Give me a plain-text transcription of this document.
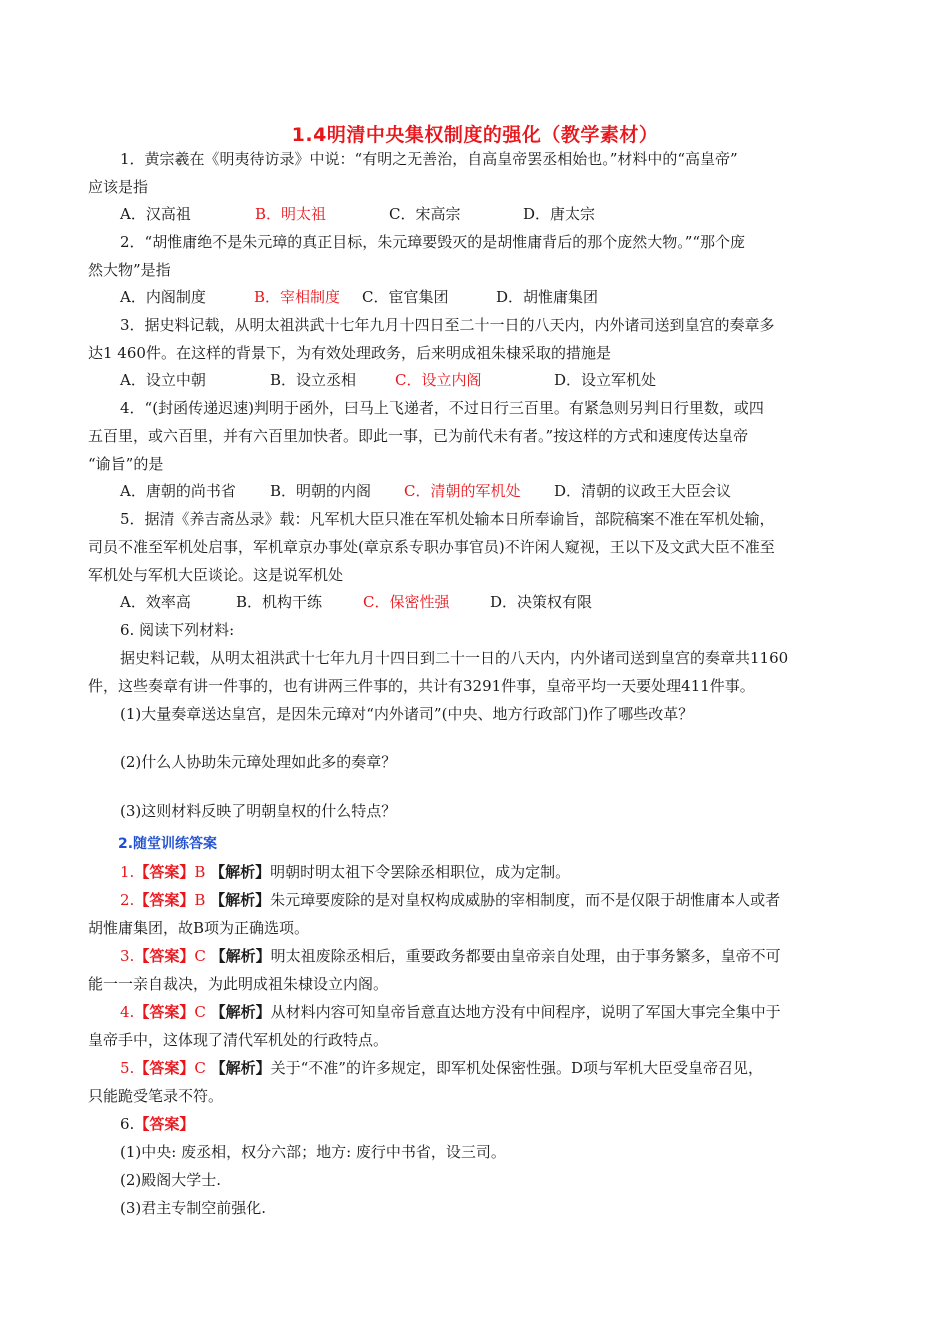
1.4明清中央集权制度的强化（教学素材）
1．黄宗羲在《明夷待访录》中说：“有明之无善治，自高皇帝罢丞相始也。”材料中的“高皇帝”
应该是指
A．汉高祖	B．明太祖	C．宋高宗	D．唐太宗
2．“胡惟庸绝不是朱元璋的真正目标，朱元璋要毁灭的是胡惟庸背后的那个庞然大物。”“那个庞
然大物”是指
A．内阁制度	B．宰相制度 C．宦官集团	D．胡惟庸集团
3．据史料记载，从明太祖洪武十七年九月十四日至二十一日的八天内，内外诸司送到皇宫的奏章多
达1 460件。在这样的背景下，为有效处理政务，后来明成祖朱棣采取的措施是
A．设立中朝	B．设立丞相	C．设立内阁	D．设立军机处
4．“(封函传递迟速)判明于函外，曰马上飞递者，不过日行三百里。有紧急则另判日行里数，或四
五百里，或六百里，并有六百里加快者。即此一事，已为前代未有者。”按这样的方式和速度传达皇帝
“谕旨”的是
A．唐朝的尚书省 B．明朝的内阁 C．清朝的军机处 D．清朝的议政王大臣会议
5．据清《养吉斋丛录》载：凡军机大臣只准在军机处输本日所奉谕旨，部院稿案不准在军机处输，
司员不准至军机处启事，军机章京办事处(章京系专职办事官员)不许闲人窥视，王以下及文武大臣不准至
军机处与军机大臣谈论。这是说军机处
A．效率高	B．机构干练	C．保密性强	D．决策权有限
6. 阅读下列材料:
据史料记载，从明太祖洪武十七年九月十四日到二十一日的八天内，内外诸司送到皇宫的奏章共1160
件，这些奏章有讲一件事的，也有讲两三件事的，共计有3291件事，皇帝平均一天要处理411件事。
(1)大量奏章送达皇宫，是因朱元璋对“内外诸司”(中央、地方行政部门)作了哪些改革？
(2)什么人协助朱元璋处理如此多的奏章？
(3)这则材料反映了明朝皇权的什么特点？
2.随堂训练答案
1.【答案】B 【解析】明朝时明太祖下令罢除丞相职位，成为定制。
2.【答案】B 【解析】朱元璋要废除的是对皇权构成威胁的宰相制度，而不是仅限于胡惟庸本人或者
胡惟庸集团，故B项为正确选项。
3.【答案】C 【解析】明太祖废除丞相后，重要政务都要由皇帝亲自处理，由于事务繁多，皇帝不可
能一一亲自裁决，为此明成祖朱棣设立内阁。
4.【答案】C 【解析】从材料内容可知皇帝旨意直达地方没有中间程序，说明了军国大事完全集中于
皇帝手中，这体现了清代军机处的行政特点。
5.【答案】C 【解析】关于“不准”的许多规定，即军机处保密性强。D项与军机大臣受皇帝召见，
只能跪受笔录不符。
6.【答案】
(1)中央: 废丞相，权分六部；地方: 废行中书省，设三司。
(2)殿阁大学士.
(3)君主专制空前强化.
